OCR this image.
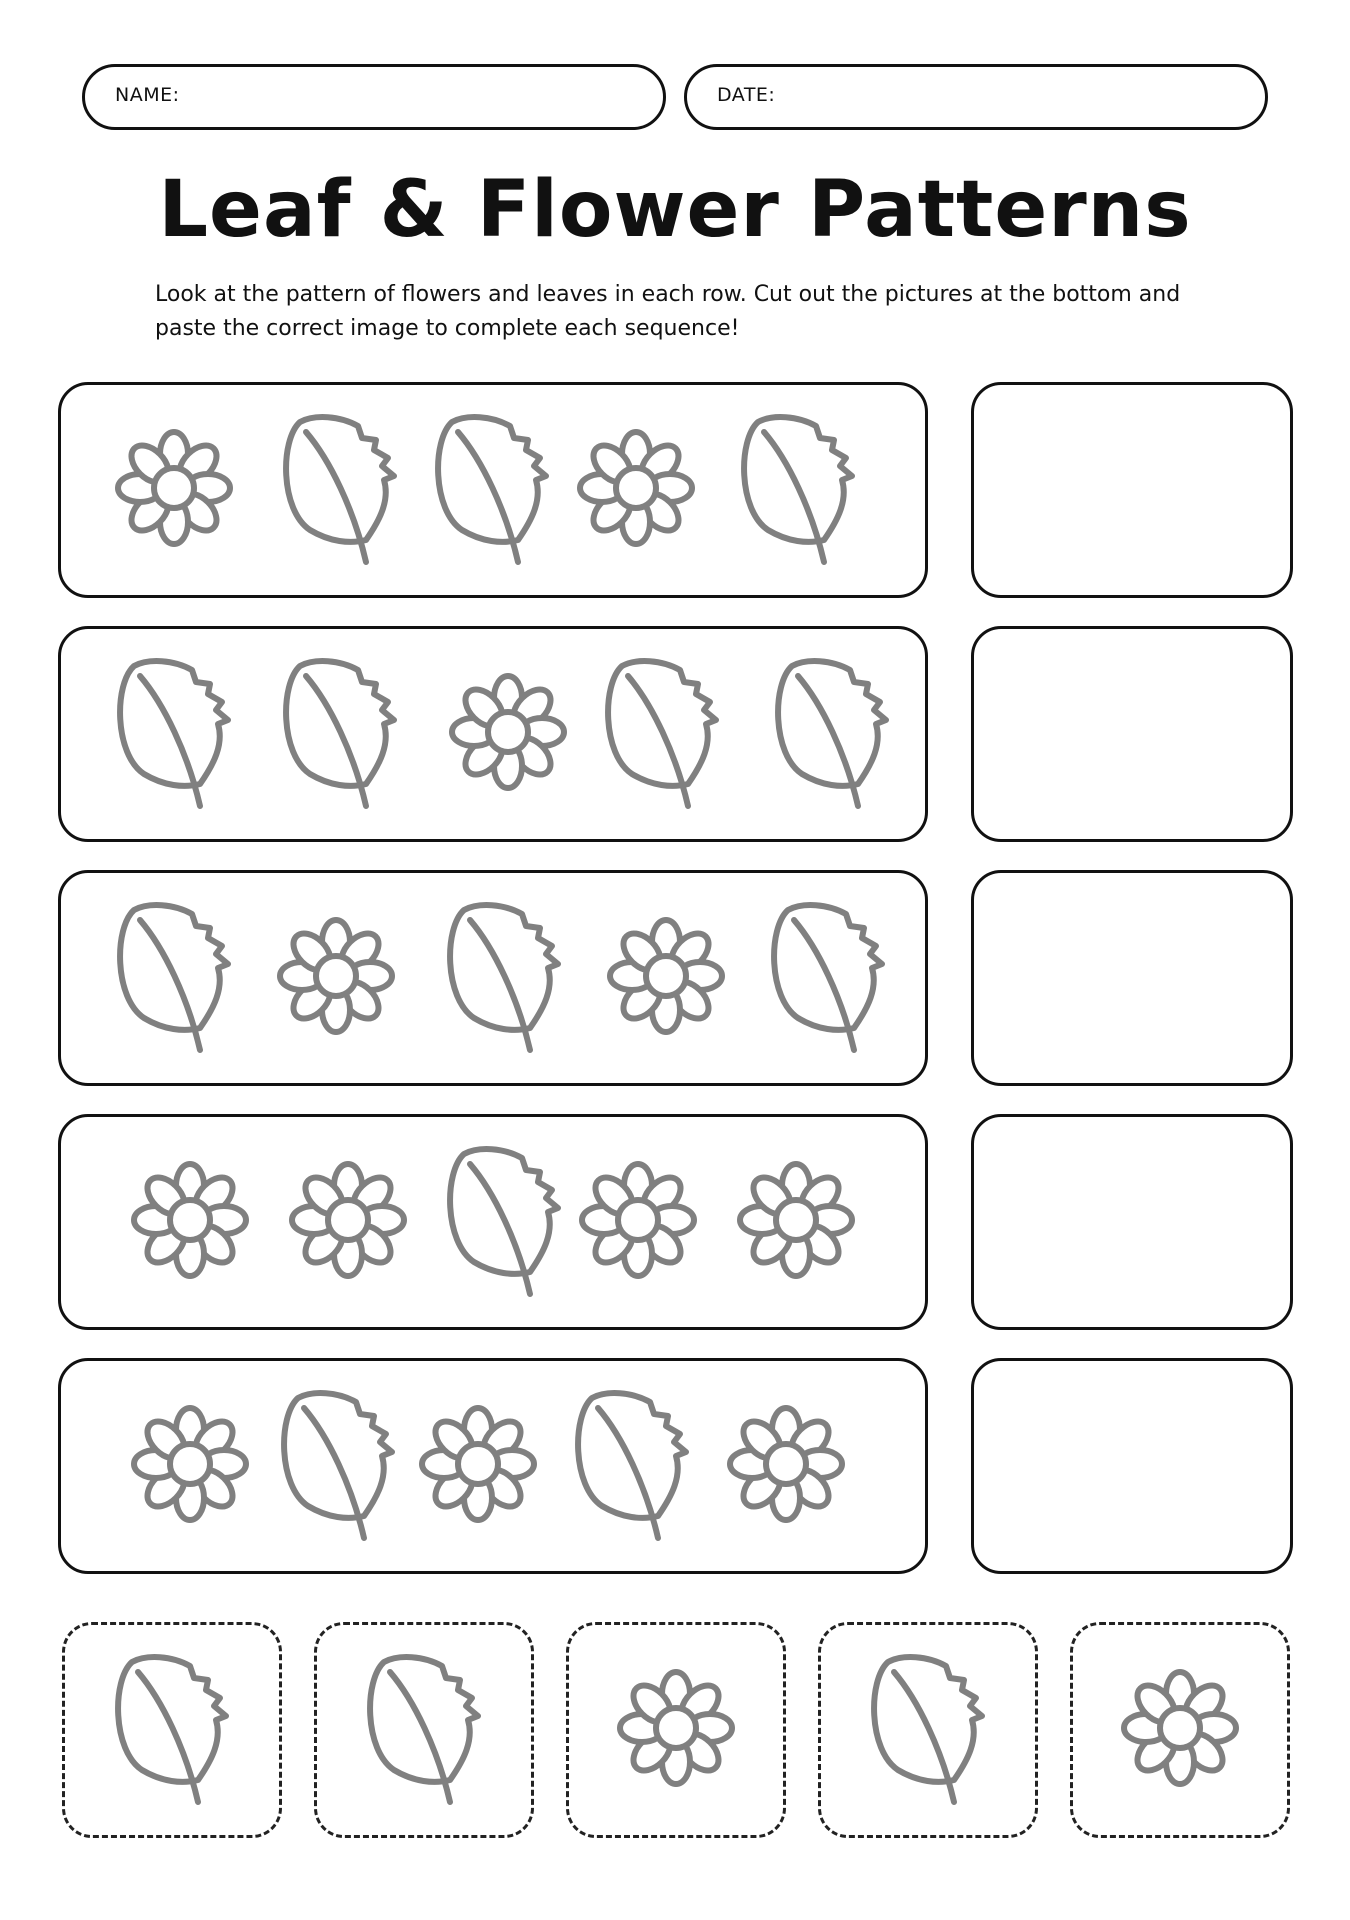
NAME:	DATE:
Leaf & Flower Patterns
Look at the pattern of flowers and leaves in each row. Cut out the pictures at the bottom and paste the correct image to complete each sequence!
